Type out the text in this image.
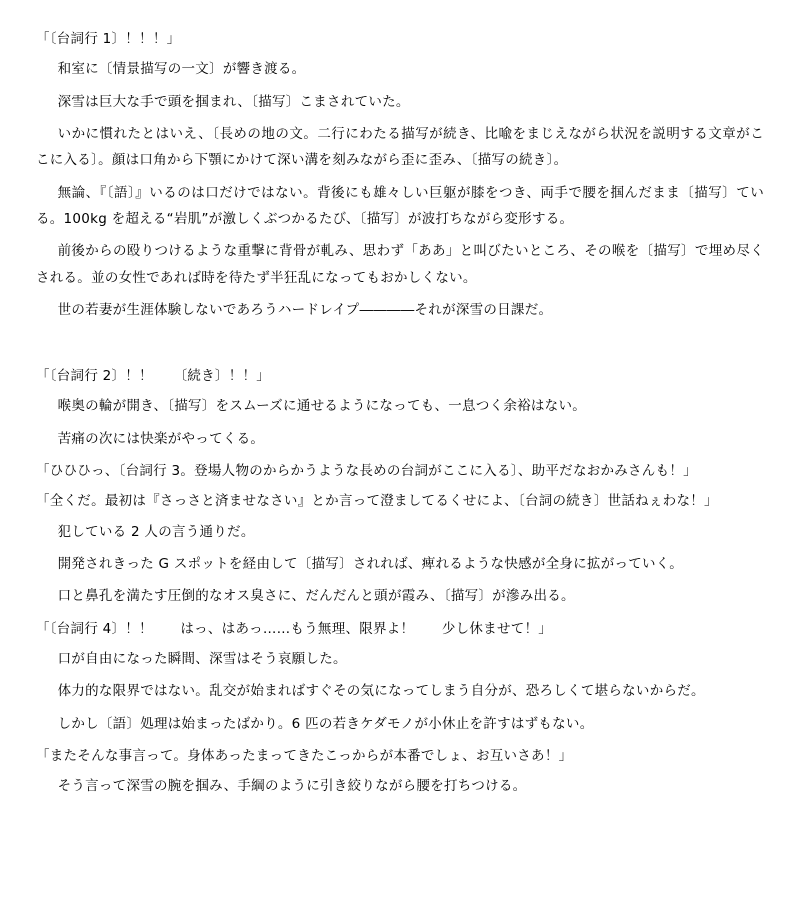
「〔台詞行 1〕！！！」
和室に〔情景描写の一文〕が響き渡る。
深雪は巨大な手で頭を掴まれ、〔描写〕こまされていた。
いかに慣れたとはいえ、〔長めの地の文。二行にわたる描写が続き、比喩をまじえながら状況を説明する文章がここに入る〕。顔は口角から下顎にかけて深い溝を刻みながら歪に歪み、〔描写の続き〕。
無論、『〔語〕』いるのは口だけではない。背後にも雄々しい巨躯が膝をつき、両手で腰を掴んだまま〔描写〕ている。100kg を超える“岩肌”が激しくぶつかるたび、〔描写〕が波打ちながら変形する。
前後からの殴りつけるような重撃に背骨が軋み、思わず「ああ」と叫びたいところ、その喉を〔描写〕で埋め尽くされる。並の女性であれば時を待たず半狂乱になってもおかしくない。
世の若妻が生涯体験しないであろうハードレイプ――――それが深雪の日課だ。
「〔台詞行 2〕！！　　〔続き〕！！」
喉奥の輪が開き、〔描写〕をスムーズに通せるようになっても、一息つく余裕はない。
苦痛の次には快楽がやってくる。
「ひひひっ、〔台詞行 3。登場人物のからかうような長めの台詞がここに入る〕、助平だなおかみさんも！」
「全くだ。最初は『さっさと済ませなさい』とか言って澄ましてるくせによ、〔台詞の続き〕世話ねぇわな！」
犯している 2 人の言う通りだ。
開発されきった G スポットを経由して〔描写〕されれば、痺れるような快感が全身に拡がっていく。
口と鼻孔を満たす圧倒的なオス臭さに、だんだんと頭が霞み、〔描写〕が滲み出る。
「〔台詞行 4〕！！　　はっ、はあっ……もう無理、限界よ！　　少し休ませて！」
口が自由になった瞬間、深雪はそう哀願した。
体力的な限界ではない。乱交が始まればすぐその気になってしまう自分が、恐ろしくて堪らないからだ。
しかし〔語〕処理は始まったばかり。6 匹の若きケダモノが小休止を許すはずもない。
「またそんな事言って。身体あったまってきたこっからが本番でしょ、お互いさあ！」
そう言って深雪の腕を掴み、手綱のように引き絞りながら腰を打ちつける。
